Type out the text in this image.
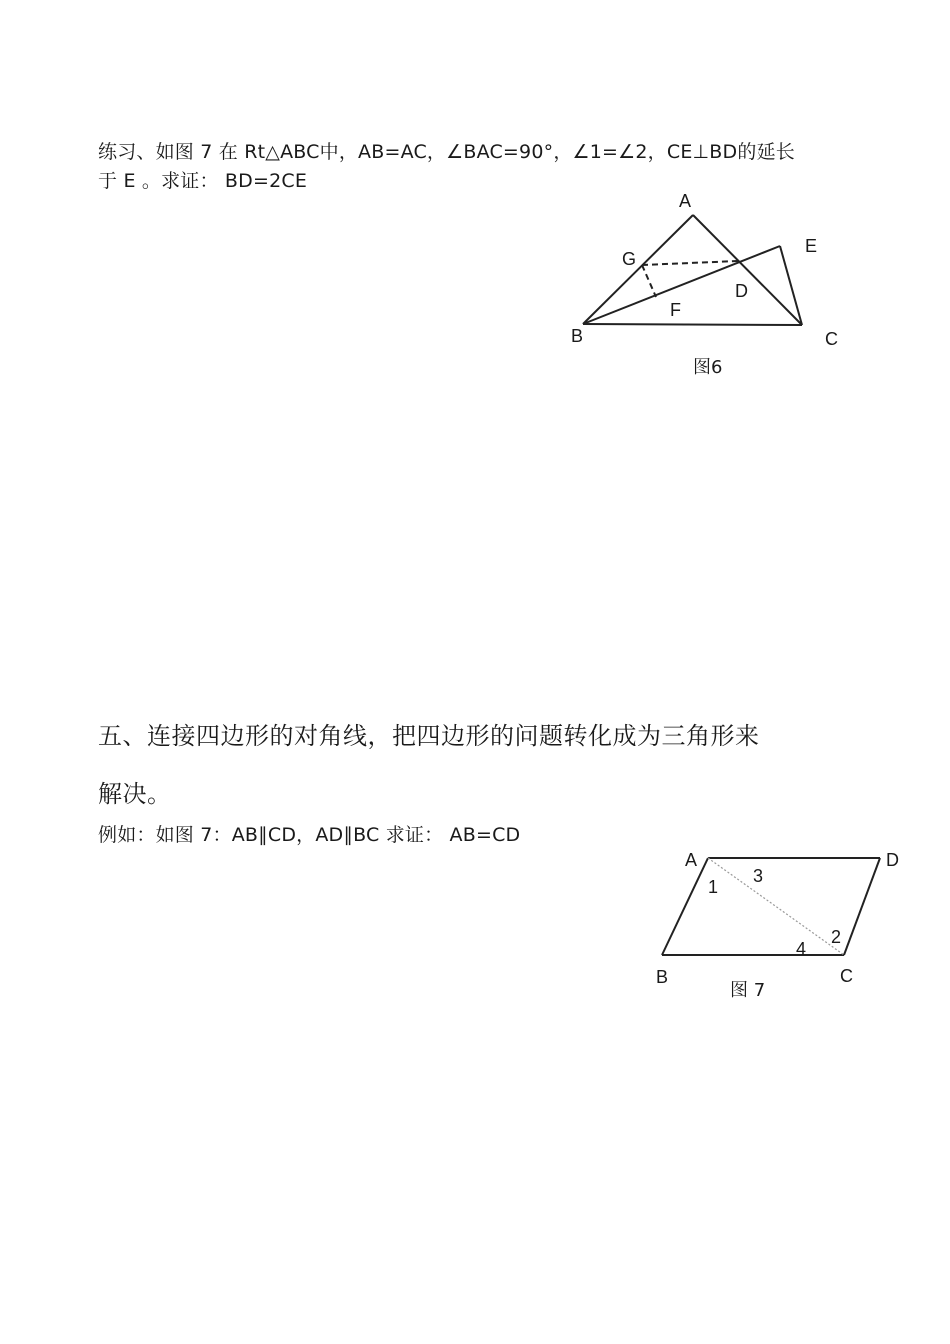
练习、如图 7 在 Rt△ABC中，AB=AC，∠BAC=90°，∠1=∠2，CE⊥BD的延长
于 E 。求证： BD=2CE
A
G
E
D
F
B	C
图6
五、连接四边形的对角线，把四边形的问题转化成为三角形来
解决。
例如：如图 7：AB∥CD，AD∥BC 求证： AB=CD
A	D
1
3
2
4
B	C
图 7
